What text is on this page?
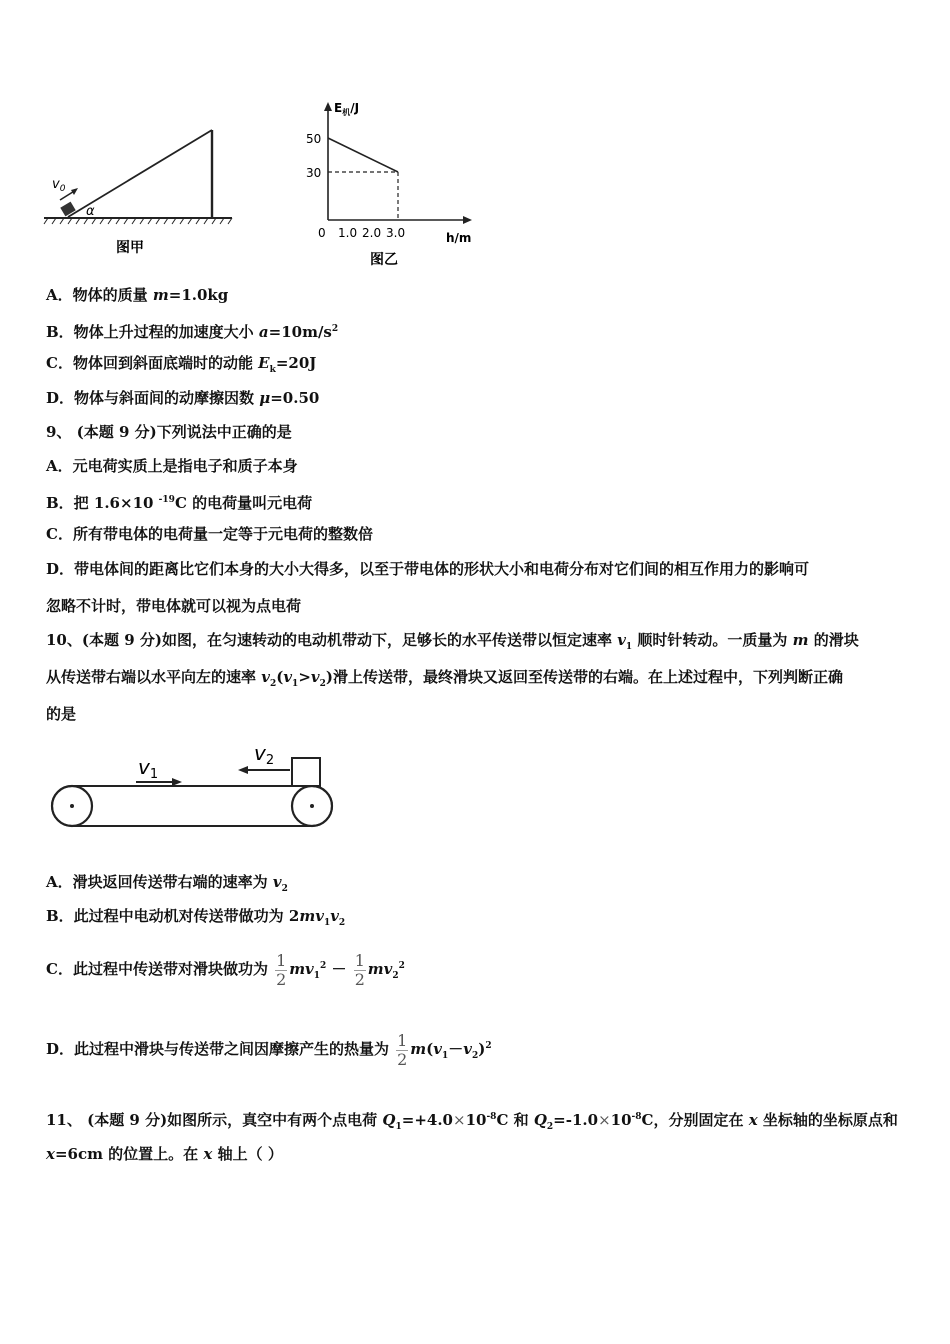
$v_0$
α
图甲
$E_机/J$
50
30
0 1.0 2.0 3.0	h/m
图乙
A．物体的质量 m=1.0kg
B．物体上升过程的加速度大小 $a=10m/s^2$
C．物体回到斜面底端时的动能 $E_k=20J$
D．物体与斜面间的动摩擦因数 μ=0.50
9、 (本题 9 分)下列说法中正确的是
A．元电荷实质上是指电子和质子本身
B．把 1.6×10 $^{-19}$C 的电荷量叫元电荷
C．所有带电体的电荷量一定等于元电荷的整数倍
D．带电体间的距离比它们本身的大小大得多，以至于带电体的形状大小和电荷分布对它们间的相互作用力的影响可
忽略不计时，带电体就可以视为点电荷
10、(本题 9 分)如图，在匀速转动的电动机带动下，足够长的水平传送带以恒定速率 $v_1$ 顺时针转动。一质量为 m 的滑块
从传送带右端以水平向左的速率 $v_2(v_1>v_2)$滑上传送带，最终滑块又返回至传送带的右端。在上述过程中，下列判断正确
的是
$v_1$
$v_2$
A．滑块返回传送带右端的速率为 $v_2$
B．此过程中电动机对传送带做功为 $2mv_1v_2$
C．此过程中传送带对滑块做功为 $\frac{1}{2} mv_1^2 - \frac{1}{2} mv_2^2$
D．此过程中滑块与传送带之间因摩擦产生的热量为 $\frac{1}{2} m(v_1-v_2)^2$
11、 (本题 9 分)如图所示，真空中有两个点电荷 $Q_1=+4.0\times 10^{-8}C$ 和 $Q_2=-1.0\times 10^{-8}C$，分别固定在 x 坐标轴的坐标原点和
x=6cm 的位置上。在 x 轴上（ ）
